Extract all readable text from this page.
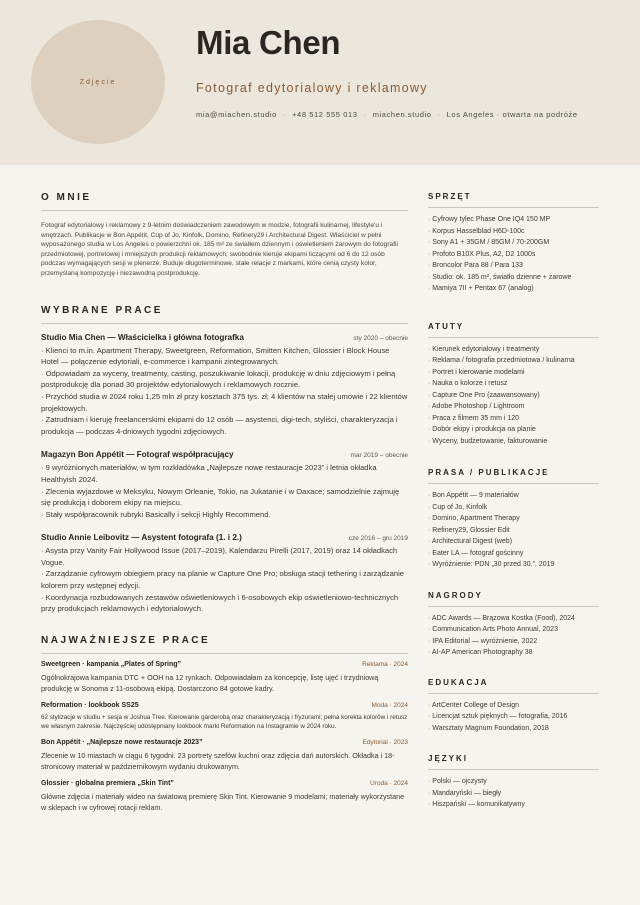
Zdjęcie
Mia Chen
Fotograf edytorialowy i reklamowy
mia@miachen.studio · +48 512 555 013 · miachen.studio · Los Angeles · otwarta na podróże
O MNIE

Fotograf edytorialowy i reklamowy z 9-letnim doświadczeniem zawodowym w modzie, fotografii kulinarnej, lifestyle'u i wnętrzach. Publikacje w Bon Appétit, Cup of Jo, Kinfolk, Domino, Refinery29 i Architectural Digest. Właściciel w pełni wyposażonego studia w Los Angeles o powierzchni ok. 185 m² ze światłem dziennym i oświetleniem żarowym do fotografii przedmiotowej, portretowej i mniejszych produkcji reklamowych; swobodnie kieruje ekipami liczącymi od 6 do 12 osób podczas wymagających sesji w plenerze. Buduje długoterminowe, stałe relacje z markami, które cenią czysty kolor, przemyślaną kompozycję i niezawodną postprodukcję.

WYBRANE PRACE
Studio Mia Chen — Właścicielka i główna fotografka	sty 2020 – obecnie
· Klienci to m.in. Apartment Therapy, Sweetgreen, Reformation, Smitten Kitchen, Glossier i Block House Hotel — połączenie edytoriali, e-commerce i kampanii zintegrowanych.
· Odpowiadam za wyceny, treatmenty, casting, poszukiwanie lokacji, produkcję w dniu zdjęciowym i pełną postprodukcję dla ponad 30 projektów edytorialowych i reklamowych rocznie.
· Przychód studia w 2024 roku 1,25 mln zł przy kosztach 375 tys. zł; 4 klientów na stałej umowie i 22 klientów projektowych.
· Zatrudniam i kieruję freelancerskimi ekipami do 12 osób — asystenci, digi-tech, styliści, charakteryzacja i produkcja — podczas 4-dniowych tygodni zdjęciowych.
Magazyn Bon Appétit — Fotograf współpracujący	mar 2019 – obecnie
· 9 wyróżnionych materiałów, w tym rozkładówka „Najlepsze nowe restauracje 2023” i letnia okładka Healthyish 2024.
· Zlecenia wyjazdowe w Meksyku, Nowym Orleanie, Tokio, na Jukatanie i w Oaxace; samodzielnie zajmuję się produkcją i doborem ekipy na miejscu.
· Stały współpracownik rubryki Basically i sekcji Highly Recommend.
Studio Annie Leibovitz — Asystent fotografa (1. i 2.)	cze 2016 – gru 2019
· Asysta przy Vanity Fair Hollywood Issue (2017–2019), Kalendarzu Pirelli (2017, 2019) oraz 14 okładkach Vogue.
· Zarządzanie cyfrowym obiegiem pracy na planie w Capture One Pro; obsługa stacji tethering i zarządzanie kolorem przy wstępnej edycji.
· Koordynacja rozbudowanych zestawów oświetleniowych i 6-osobowych ekip oświetleniowo-technicznych przy produkcjach reklamowych i edytorialowych.
NAJWAŻNIEJSZE PRACE
Sweetgreen · kampania „Plates of Spring”	Reklama · 2024
Ogólnokrajowa kampania DTC + OOH na 12 rynkach. Odpowiadałam za koncepcję, listę ujęć i trzydniową produkcję w Sonoma z 11-osobową ekipą. Dostarczono 84 gotowe kadry.
Reformation · lookbook SS25	Moda · 2024
62 stylizacje w studiu + sesja w Joshua Tree. Kierowanie garderobą oraz charakteryzacją i fryzurami; pełna korekta kolorów i retusz we własnym zakresie. Najczęściej udostępniany lookbook marki Reformation na Instagramie w 2024 roku.
Bon Appétit · „Najlepsze nowe restauracje 2023”	Edytorial · 2023
Zlecenie w 10 miastach w ciągu 6 tygodni. 23 portrety szefów kuchni oraz zdjęcia dań autorskich. Okładka i 18-stronicowy materiał w październikowym wydaniu drukowanym.
Glossier · globalna premiera „Skin Tint”	Uroda · 2024
Główne zdjęcia i materiały wideo na światową premierę Skin Tint. Kierowanie 9 modelami; materiały wykorzystane w sklepach i w cyfrowej rotacji reklam.
SPRZĘT
· Cyfrowy tylec Phase One IQ4 150 MP
· Korpus Hasselblad H6D-100c
· Sony A1 + 35GM / 85GM / 70-200GM
· Profoto B10X Plus, A2, D2 1000s
· Broncolor Para 88 / Para 133
· Studio: ok. 185 m², światło dzienne + żarowe
· Mamiya 7II + Pentax 67 (analog)
ATUTY
· Kierunek edytorialowy i treatmenty
· Reklama / fotografia przedmiotowa / kulinarna
· Portret i kierowanie modelami
· Nauka o kolorze i retusz
· Capture One Pro (zaawansowany)
· Adobe Photoshop / Lightroom
· Praca z filmem 35 mm i 120
· Dobór ekipy i produkcja na planie
· Wyceny, budżetowanie, fakturowanie
PRASA / PUBLIKACJE
· Bon Appétit — 9 materiałów
· Cup of Jo, Kinfolk
· Domino, Apartment Therapy
· Refinery29, Glossier Edit
· Architectural Digest (web)
· Eater LA — fotograf gościnny
· Wyróżnienie: PDN „30 przed 30.”, 2019
NAGRODY
· ADC Awards — Brązowa Kostka (Food), 2024
· Communication Arts Photo Annual, 2023
· IPA Editorial — wyróżnienie, 2022
· AI-AP American Photography 38
EDUKACJA
· ArtCenter College of Design
· Licencjat sztuk pięknych — fotografia, 2016
· Warsztaty Magnum Foundation, 2018
JĘZYKI
· Polski — ojczysty
· Mandaryński — biegły
· Hiszpański — komunikatywny
